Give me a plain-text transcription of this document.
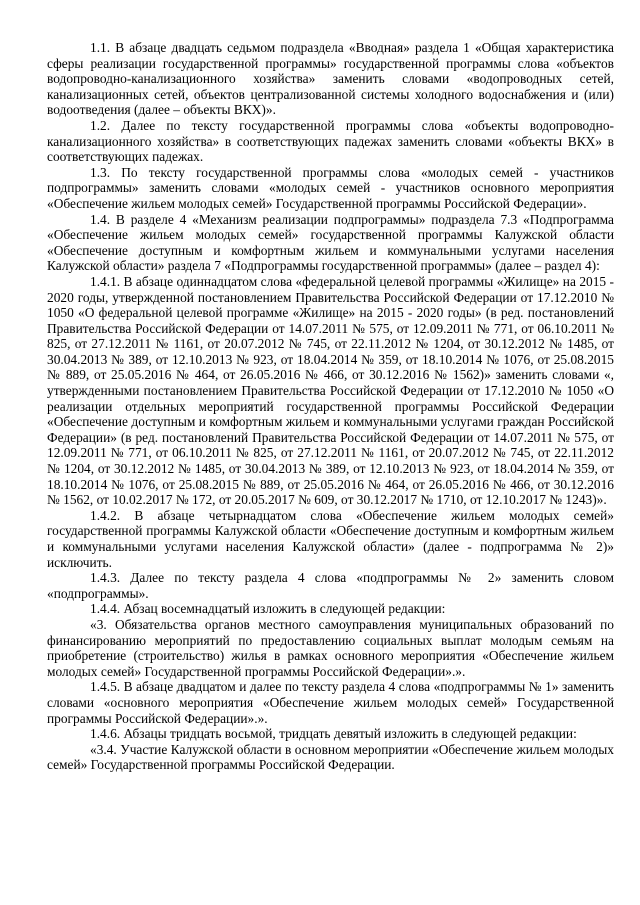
1.1. В абзаце двадцать седьмом подраздела «Вводная» раздела 1 «Общая характеристика сферы реализации государственной программы» государственной программы слова «объектов водопроводно-канализационного хозяйства» заменить словами «водопроводных сетей, канализационных сетей, объектов централизованной системы холодного водоснабжения и (или) водоотведения (далее – объекты ВКХ)».

1.2. Далее по тексту государственной программы слова «объекты водопроводно-канализационного хозяйства» в соответствующих падежах заменить словами «объекты ВКХ» в соответствующих падежах.

1.3. По тексту государственной программы слова «молодых семей - участников подпрограммы» заменить словами «молодых семей - участников основного мероприятия «Обеспечение жильем молодых семей» Государственной программы Российской Федерации».

1.4. В разделе 4 «Механизм реализации подпрограммы» подраздела 7.3 «Подпрограмма «Обеспечение жильем молодых семей» государственной программы Калужской области «Обеспечение доступным и комфортным жильем и коммунальными услугами населения Калужской области» раздела 7 «Подпрограммы государственной программы» (далее – раздел 4):

1.4.1. В абзаце одиннадцатом слова «федеральной целевой программы «Жилище» на 2015 - 2020 годы, утвержденной постановлением Правительства Российской Федерации от 17.12.2010 № 1050 «О федеральной целевой программе «Жилище» на 2015 - 2020 годы» (в ред. постановлений Правительства Российской Федерации от 14.07.2011 № 575, от 12.09.2011 № 771, от 06.10.2011 № 825, от 27.12.2011 № 1161, от 20.07.2012 № 745, от 22.11.2012 № 1204, от 30.12.2012 № 1485, от 30.04.2013 № 389, от 12.10.2013 № 923, от 18.04.2014 № 359, от 18.10.2014 № 1076, от 25.08.2015 № 889, от 25.05.2016 № 464, от 26.05.2016 № 466, от 30.12.2016 № 1562)» заменить словами «, утвержденными постановлением Правительства Российской Федерации от 17.12.2010 № 1050 «О реализации отдельных мероприятий государственной программы Российской Федерации «Обеспечение доступным и комфортным жильем и коммунальными услугами граждан Российской Федерации» (в ред. постановлений Правительства Российской Федерации от 14.07.2011 № 575, от 12.09.2011 № 771, от 06.10.2011 № 825, от 27.12.2011 № 1161, от 20.07.2012 № 745, от 22.11.2012 № 1204, от 30.12.2012 № 1485, от 30.04.2013 № 389, от 12.10.2013 № 923, от 18.04.2014 № 359, от 18.10.2014 № 1076, от 25.08.2015 № 889, от 25.05.2016 № 464, от 26.05.2016 № 466, от 30.12.2016 № 1562, от 10.02.2017 № 172, от 20.05.2017 № 609, от 30.12.2017 № 1710, от 12.10.2017 № 1243)».

1.4.2. В абзаце четырнадцатом слова «Обеспечение жильем молодых семей» государственной программы Калужской области «Обеспечение доступным и комфортным жильем и коммунальными услугами населения Калужской области» (далее - подпрограмма № 2)» исключить.

1.4.3. Далее по тексту раздела 4 слова «подпрограммы № 2» заменить словом «подпрограммы».

1.4.4. Абзац восемнадцатый изложить в следующей редакции:

«3. Обязательства органов местного самоуправления муниципальных образований по финансированию мероприятий по предоставлению социальных выплат молодым семьям на приобретение (строительство) жилья в рамках основного мероприятия «Обеспечение жильем молодых семей» Государственной программы Российской Федерации».».

1.4.5. В абзаце двадцатом и далее по тексту раздела 4 слова «подпрограммы № 1» заменить словами «основного мероприятия «Обеспечение жильем молодых семей» Государственной программы Российской Федерации».».

1.4.6. Абзацы тридцать восьмой, тридцать девятый изложить в следующей редакции:

«3.4. Участие Калужской области в основном мероприятии «Обеспечение жильем молодых семей» Государственной программы Российской Федерации.
